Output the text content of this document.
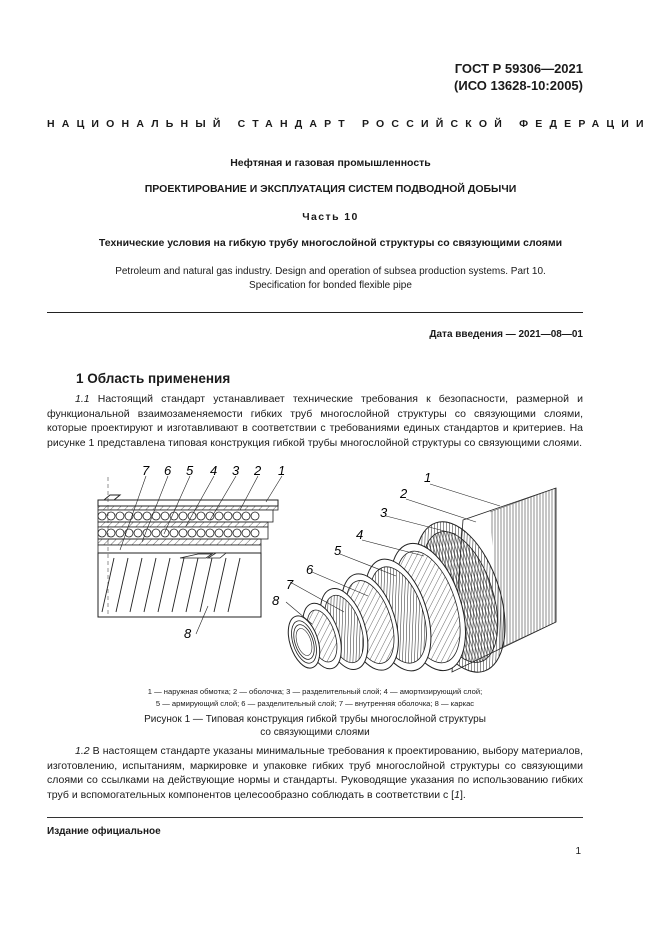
ГОСТ Р 59306—2021
(ИСО 13628-10:2005)
НАЦИОНАЛЬНЫЙ СТАНДАРТ РОССИЙСКОЙ ФЕДЕРАЦИИ
Нефтяная и газовая промышленность
ПРОЕКТИРОВАНИЕ И ЭКСПЛУАТАЦИЯ СИСТЕМ ПОДВОДНОЙ ДОБЫЧИ
Часть 10
Технические условия на гибкую трубу многослойной структуры со связующими слоями
Petroleum and natural gas industry. Design and operation of subsea production systems. Part 10.
Specification for bonded flexible pipe
Дата введения — 2021—08—01
1 Область применения
1.1 Настоящий стандарт устанавливает технические требования к безопасности, размерной и функциональной взаимозаменяемости гибких труб многослойной структуры со связующими слоями, которые проектируют и изготавливают в соответствии с требованиями единых стандартов и критериев. На рисунке 1 представлена типовая конструкция гибкой трубы многослойной структуры со связующими слоями.
7 6 5 4 3 2 1
8
1
2
3
4
5
6
7
8
1 — наружная обмотка; 2 — оболочка; 3 — разделительный слой; 4 — амортизирующий слой;
5 — армирующий слой; 6 — разделительный слой; 7 — внутренняя оболочка; 8 — каркас
Рисунок 1 — Типовая конструкция гибкой трубы многослойной структуры
со связующими слоями
1.2 В настоящем стандарте указаны минимальные требования к проектированию, выбору материалов, изготовлению, испытаниям, маркировке и упаковке гибких труб многослойной структуры со связующими слоями со ссылками на действующие нормы и стандарты. Руководящие указания по использованию гибких труб и вспомогательных компонентов целесообразно соблюдать в соответствии с [1].
Издание официальное
1
